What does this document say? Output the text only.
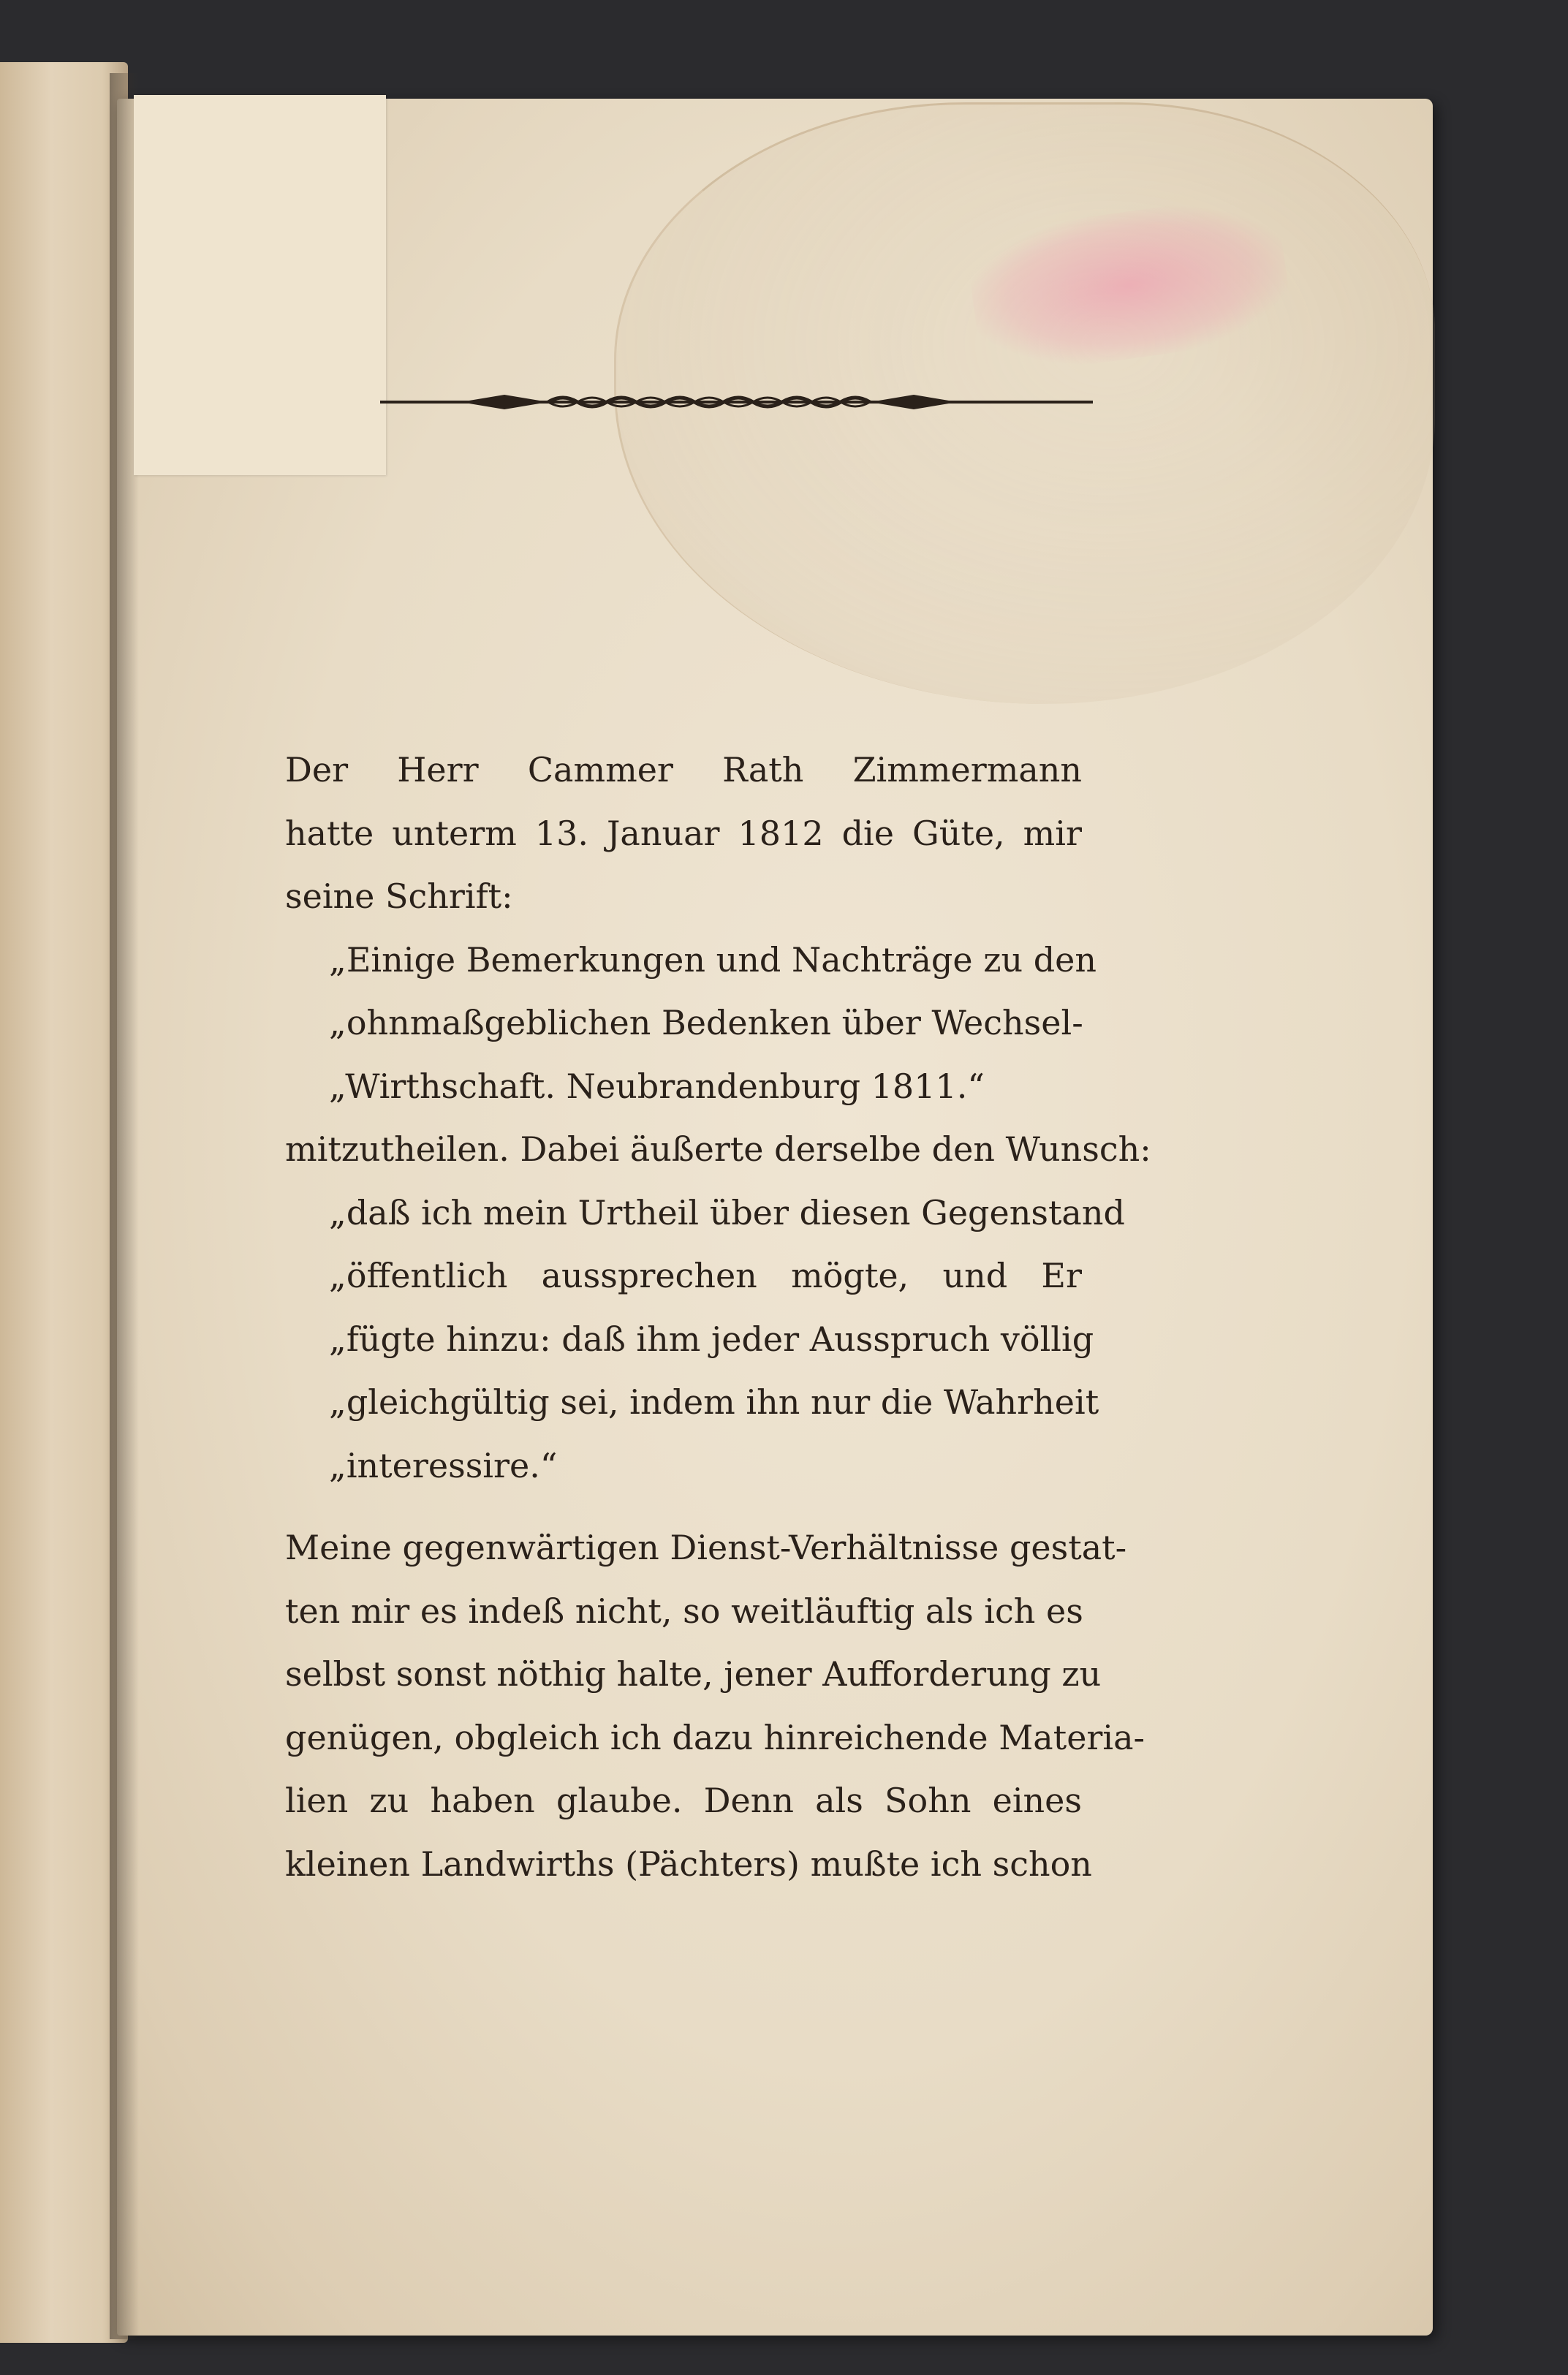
Der Herr Cammer Rath Zimmermann
hatte unterm 13. Januar 1812 die Güte, mir
seine Schrift:
„Einige Bemerkungen und Nachträge zu den
„ohnmaßgeblichen Bedenken über Wechsel-
„Wirthschaft. Neubrandenburg 1811.“
mitzutheilen. Dabei äußerte derselbe den Wunsch:
„daß ich mein Urtheil über diesen Gegenstand
„öffentlich aussprechen mögte, und Er
„fügte hinzu: daß ihm jeder Ausspruch völlig
„gleichgültig sei, indem ihn nur die Wahrheit
„interessire.“
Meine gegenwärtigen Dienst-Verhältnisse gestat-
ten mir es indeß nicht, so weitläuftig als ich es
selbst sonst nöthig halte, jener Aufforderung zu
genügen, obgleich ich dazu hinreichende Materia-
lien zu haben glaube. Denn als Sohn eines
kleinen Landwirths (Pächters) mußte ich schon
